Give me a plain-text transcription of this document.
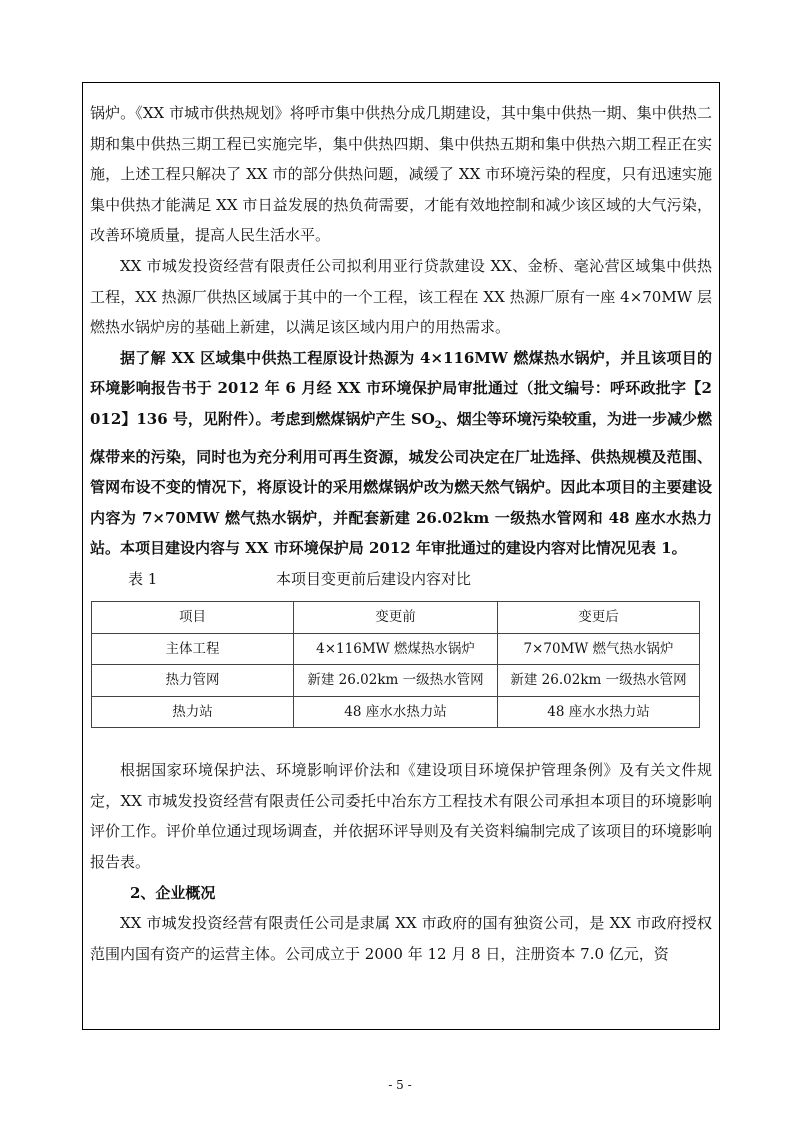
锅炉。《XX 市城市供热规划》将呼市集中供热分成几期建设，其中集中供热一期、集中供热二期和集中供热三期工程已实施完毕，集中供热四期、集中供热五期和集中供热六期工程正在实施，上述工程只解决了 XX 市的部分供热问题，减缓了 XX 市环境污染的程度，只有迅速实施集中供热才能满足 XX 市日益发展的热负荷需要，才能有效地控制和减少该区域的大气污染，改善环境质量，提高人民生活水平。

XX 市城发投资经营有限责任公司拟利用亚行贷款建设 XX、金桥、毫沁营区域集中供热工程，XX 热源厂供热区域属于其中的一个工程，该工程在 XX 热源厂原有一座 4×70MW 层燃热水锅炉房的基础上新建，以满足该区域内用户的用热需求。

据了解 XX 区域集中供热工程原设计热源为 4×116MW 燃煤热水锅炉，并且该项目的环境影响报告书于 2012 年 6 月经 XX 市环境保护局审批通过（批文编号：呼环政批字【2012】136 号，见附件）。考虑到燃煤锅炉产生 $SO_2$、烟尘等环境污染较重，为进一步减少燃煤带来的污染，同时也为充分利用可再生资源，城发公司决定在厂址选择、供热规模及范围、管网布设不变的情况下，将原设计的采用燃煤锅炉改为燃天然气锅炉。因此本项目的主要建设内容为 7×70MW 燃气热水锅炉，并配套新建 26.02km 一级热水管网和 48 座水水热力站。本项目建设内容与 XX 市环境保护局 2012 年审批通过的建设内容对比情况见表 1。

表 1	本项目变更前后建设内容对比
项目	变更前	变更后
主体工程	4×116MW 燃煤热水锅炉	7×70MW 燃气热水锅炉
热力管网	新建 26.02km 一级热水管网	新建 26.02km 一级热水管网
热力站	48 座水水热力站	48 座水水热力站

根据国家环境保护法、环境影响评价法和《建设项目环境保护管理条例》及有关文件规定，XX 市城发投资经营有限责任公司委托中冶东方工程技术有限公司承担本项目的环境影响评价工作。评价单位通过现场调查，并依据环评导则及有关资料编制完成了该项目的环境影响报告表。

2、企业概况

XX 市城发投资经营有限责任公司是隶属 XX 市政府的国有独资公司，是 XX 市政府授权范围内国有资产的运营主体。公司成立于 2000 年 12 月 8 日，注册资本 7.0 亿元，资

- 5 -
